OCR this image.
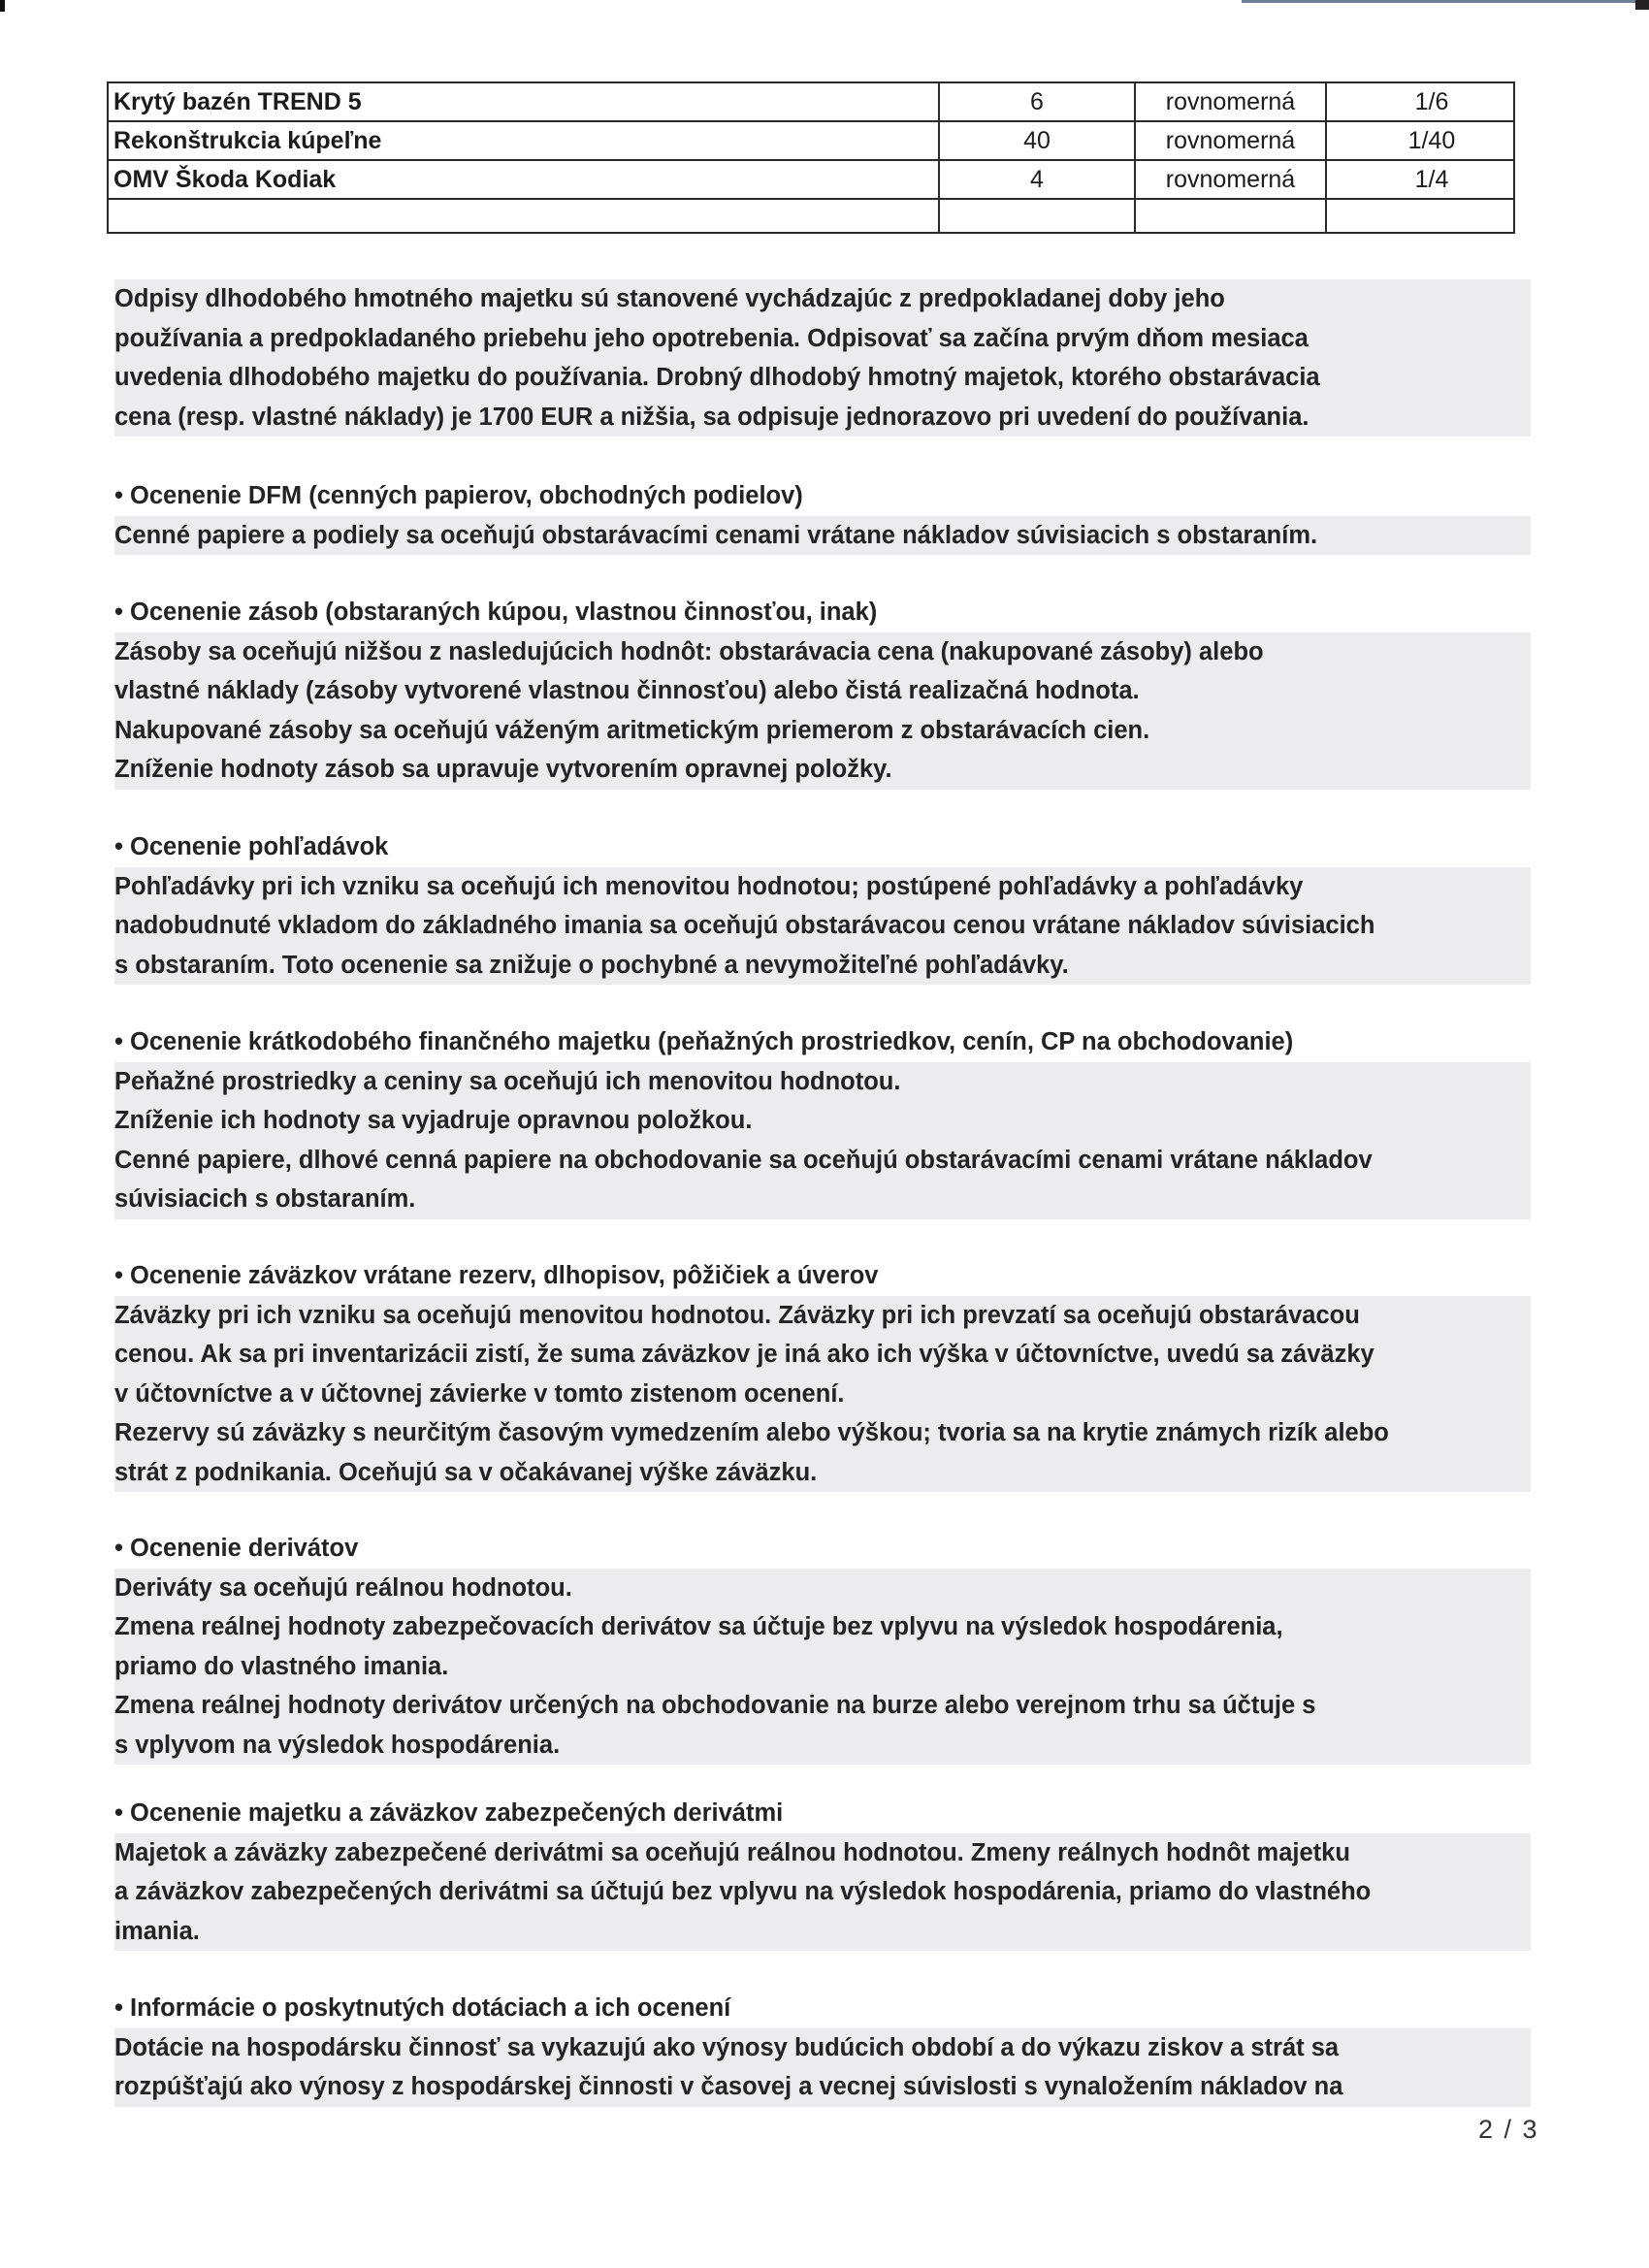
Krytý bazén TREND 5	6	rovnomerná	1/6
Rekonštrukcia kúpeľne	40	rovnomerná	1/40
OMV Škoda Kodiak	4	rovnomerná	1/4

Odpisy dlhodobého hmotného majetku sú stanovené vychádzajúc z predpokladanej doby jeho
používania a predpokladaného priebehu jeho opotrebenia. Odpisovať sa začína prvým dňom mesiaca
uvedenia dlhodobého majetku do používania. Drobný dlhodobý hmotný majetok, ktorého obstarávacia
cena (resp. vlastné náklady) je 1700 EUR a nižšia, sa odpisuje jednorazovo pri uvedení do používania.
• Ocenenie DFM (cenných papierov, obchodných podielov)
Cenné papiere a podiely sa oceňujú obstarávacími cenami vrátane nákladov súvisiacich s obstaraním.
• Ocenenie zásob (obstaraných kúpou, vlastnou činnosťou, inak)
Zásoby sa oceňujú nižšou z nasledujúcich hodnôt: obstarávacia cena (nakupované zásoby) alebo
vlastné náklady (zásoby vytvorené vlastnou činnosťou) alebo čistá realizačná hodnota.
Nakupované zásoby sa oceňujú váženým aritmetickým priemerom z obstarávacích cien.
Zníženie hodnoty zásob sa upravuje vytvorením opravnej položky.
• Ocenenie pohľadávok
Pohľadávky pri ich vzniku sa oceňujú ich menovitou hodnotou; postúpené pohľadávky a pohľadávky
nadobudnuté vkladom do základného imania sa oceňujú obstarávacou cenou vrátane nákladov súvisiacich
s obstaraním. Toto ocenenie sa znižuje o pochybné a nevymožiteľné pohľadávky.
• Ocenenie krátkodobého finančného majetku (peňažných prostriedkov, cenín, CP na obchodovanie)
Peňažné prostriedky a ceniny sa oceňujú ich menovitou hodnotou.
Zníženie ich hodnoty sa vyjadruje opravnou položkou.
Cenné papiere, dlhové cenná papiere na obchodovanie sa oceňujú obstarávacími cenami vrátane nákladov
súvisiacich s obstaraním.
• Ocenenie záväzkov vrátane rezerv, dlhopisov, pôžičiek a úverov
Záväzky pri ich vzniku sa oceňujú menovitou hodnotou. Záväzky pri ich prevzatí sa oceňujú obstarávacou
cenou. Ak sa pri inventarizácii zistí, že suma záväzkov je iná ako ich výška v účtovníctve, uvedú sa záväzky
v účtovníctve a v účtovnej závierke v tomto zistenom ocenení.
Rezervy sú záväzky s neurčitým časovým vymedzením alebo výškou; tvoria sa na krytie známych rizík alebo
strát z podnikania. Oceňujú sa v očakávanej výške záväzku.
• Ocenenie derivátov
Deriváty sa oceňujú reálnou hodnotou.
Zmena reálnej hodnoty zabezpečovacích derivátov sa účtuje bez vplyvu na výsledok hospodárenia,
priamo do vlastného imania.
Zmena reálnej hodnoty derivátov určených na obchodovanie na burze alebo verejnom trhu sa účtuje s
s vplyvom na výsledok hospodárenia.
• Ocenenie majetku a záväzkov zabezpečených derivátmi
Majetok a záväzky zabezpečené derivátmi sa oceňujú reálnou hodnotou. Zmeny reálnych hodnôt majetku
a záväzkov zabezpečených derivátmi sa účtujú bez vplyvu na výsledok hospodárenia, priamo do vlastného
imania.
• Informácie o poskytnutých dotáciach a ich ocenení
Dotácie na hospodársku činnosť sa vykazujú ako výnosy budúcich období a do výkazu ziskov a strát sa
rozpúšťajú ako výnosy z hospodárskej činnosti v časovej a vecnej súvislosti s vynaložením nákladov na
2 / 3
